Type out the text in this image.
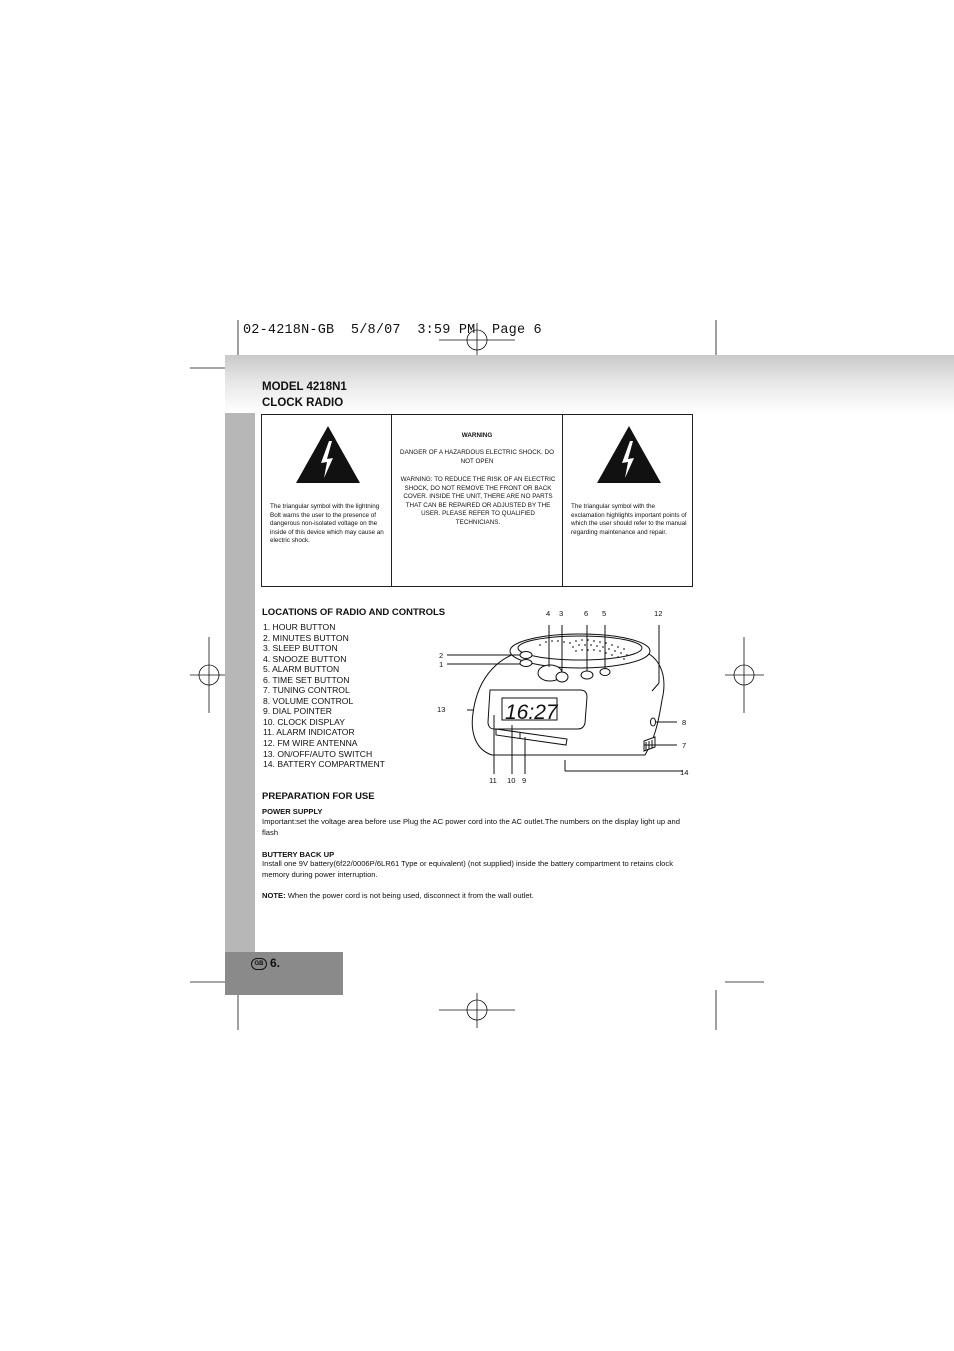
02-4218N-GB  5/8/07  3:59 PM  Page 6
MODEL 4218N1
CLOCK RADIO
The triangular symbol with the lightning Bolt warns the user to the presence of dangerous non-isolated voltage on the inside of this device which may cause an electric shock.
WARNING
DANGER OF A HAZARDOUS ELECTRIC SHOCK. DO NOT OPEN
WARNING: TO REDUCE THE RISK OF AN ELECTRIC SHOCK, DO NOT REMOVE THE FRONT OR BACK COVER. INSIDE THE UNIT, THERE ARE NO PARTS THAT CAN BE REPAIRED OR ADJUSTED BY THE USER. PLEASE REFER TO QUALIFIED TECHNICIANS.
The triangular symbol with the exclamation highlights important points of which the user should refer to the manual regarding maintenance and repair.
LOCATIONS OF RADIO AND CONTROLS
1. HOUR BUTTON
2. MINUTES BUTTON
3. SLEEP BUTTON
4. SNOOZE BUTTON
5. ALARM BUTTON
6. TIME SET BUTTON
7. TUNING CONTROL
8. VOLUME CONTROL
9. DIAL POINTER
10. CLOCK DISPLAY
11. ALARM INDICATOR
12. FM WIRE ANTENNA
13. ON/OFF/AUTO SWITCH
14. BATTERY COMPARTMENT
16:27
4 3	6 5	12
2
1
13
8
7
14
11 10 9
PREPARATION FOR USE
POWER SUPPLY
Important:set the voltage area before use Plug the AC power cord into the AC outlet.The numbers on the display light up and flash
BUTTERY BACK UP
Install one 9V battery(6f22/0006P/6LR61 Type or equivalent) (not supplied) inside the battery compartment to retains clock memory during power interruption.
NOTE: When the power cord is not being used, disconnect it from the wall outlet.
GB 6.
